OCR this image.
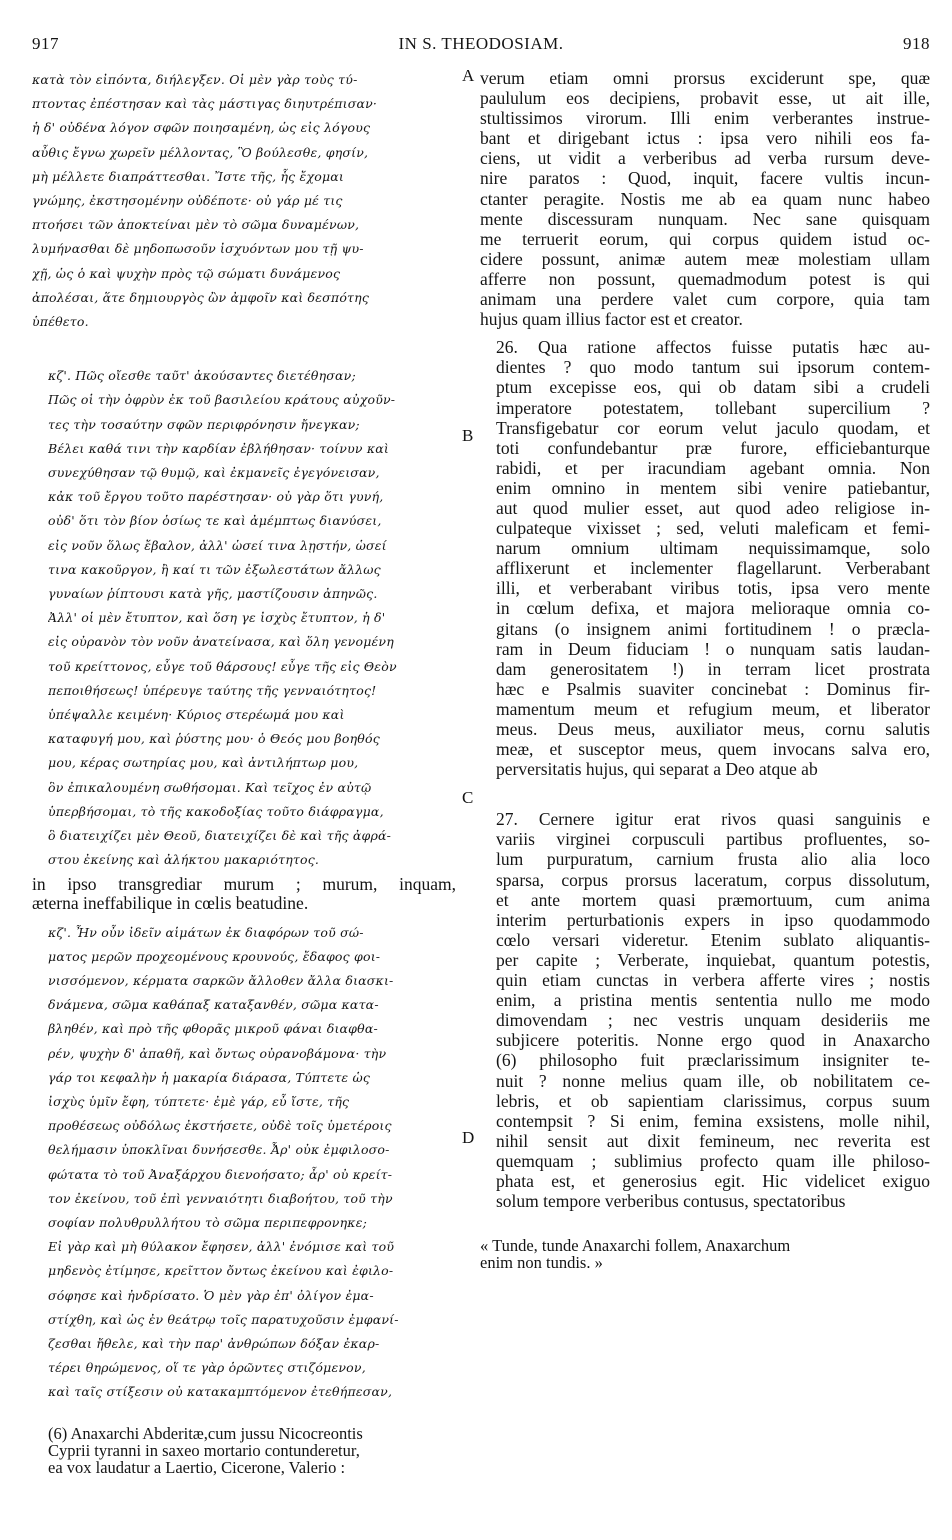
917	IN S. THEODOSIAM.	918
A
B
C
D
κατὰ τὸν εἰπόντα, διήλεγξεν. Οἱ μὲν γὰρ τοὺς τύ-
πτοντας ἐπέστησαν καὶ τὰς μάστιγας διηυτρέπισαν·
ἡ δ' οὐδένα λόγον σφῶν ποιησαμένη, ὡς εἰς λόγους
αὖθις ἔγνω χωρεῖν μέλλοντας, Ὃ βούλεσθε, φησίν,
μὴ μέλλετε διαπράττεσθαι. Ἴστε τῆς, ἧς ἔχομαι
γνώμης, ἐκστησομένην οὐδέποτε· οὐ γάρ μέ τις
πτοήσει τῶν ἀποκτείναι μὲν τὸ σῶμα δυναμένων,
λυμήνασθαι δὲ μηδοπωσοῦν ἰσχυόντων μου τῇ ψυ-
χῇ, ὡς ὁ καὶ ψυχὴν πρὸς τῷ σώματι δυνάμενος
ἀπολέσαι, ἅτε δημιουργὸς ὢν ἀμφοῖν καὶ δεσπότης
ὑπέθετο.
κζ'. Πῶς οἴεσθε ταῦτ' ἀκούσαντες διετέθησαν;
Πῶς οἱ τὴν ὀφρὺν ἐκ τοῦ βασιλείου κράτους αὐχοῦν-
τες τὴν τοσαύτην σφῶν περιφρόνησιν ἤνεγκαν;
Βέλει καθά τινι τὴν καρδίαν ἐβλήθησαν· τοίνυν καὶ
συνεχύθησαν τῷ θυμῷ, καὶ ἐκμανεῖς ἐγεγόνεισαν,
κἀκ τοῦ ἔργου τοῦτο παρέστησαν· οὐ γὰρ ὅτι γυνή,
οὐδ' ὅτι τὸν βίον ὁσίως τε καὶ ἀμέμπτως διανύσει,
εἰς νοῦν ὅλως ἔβαλον, ἀλλ' ὡσεί τινα λῃστήν, ὡσεί
τινα κακοῦργον, ἢ καί τι τῶν ἐξωλεστάτων ἄλλως
γυναίων ῥίπτουσι κατὰ γῆς, μαστίζουσιν ἀπηνῶς.
Ἀλλ' οἱ μὲν ἔτυπτον, καὶ ὅση γε ἰσχὺς ἔτυπτον, ἡ δ'
εἰς οὐρανὸν τὸν νοῦν ἀνατείνασα, καὶ ὅλη γενομένη
τοῦ κρείττονος, εὖγε τοῦ θάρσους! εὖγε τῆς εἰς Θεὸν
πεποιθήσεως! ὑπέρευγε ταύτης τῆς γενναιότητος!
ὑπέψαλλε κειμένη· Κύριος στερέωμά μου καὶ
καταφυγή μου, καὶ ῥύστης μου· ὁ Θεός μου βοηθός
μου, κέρας σωτηρίας μου, καὶ ἀντιλήπτωρ μου,
ὃν ἐπικαλουμένη σωθήσομαι. Καὶ τεῖχος ἐν αὐτῷ
ὑπερβήσομαι, τὸ τῆς κακοδοξίας τοῦτο διάφραγμα,
ὃ διατειχίζει μὲν Θεοῦ, διατειχίζει δὲ καὶ τῆς ἀφρά-
στου ἐκείνης καὶ ἀλήκτου μακαριότητος.
in ipso transgrediar murum ; murum, inquam,
æterna ineffabilique in cœlis beatudine.
κζ'. Ἦν οὖν ἰδεῖν αἱμάτων ἐκ διαφόρων τοῦ σώ-
ματος μερῶν προχεομένους κρουνούς, ἔδαφος φοι-
νισσόμενον, κέρματα σαρκῶν ἄλλοθεν ἄλλα διασκι-
δνάμενα, σῶμα καθάπαξ καταξανθέν, σῶμα κατα-
βληθέν, καὶ πρὸ τῆς φθορᾶς μικροῦ φάναι διαφθα-
ρέν, ψυχὴν δ' ἀπαθῆ, καὶ ὄντως οὐρανοβάμονα· τὴν
γάρ τοι κεφαλὴν ἡ μακαρία διάρασα, Τύπτετε ὡς
ἰσχὺς ὑμῖν ἔφη, τύπτετε· ἐμὲ γάρ, εὖ ἴστε, τῆς
προθέσεως οὐδόλως ἐκστήσετε, οὐδὲ τοῖς ὑμετέροις
θελήμασιν ὑποκλῖναι δυνήσεσθε. Ἆρ' οὐκ ἐμφιλοσο-
φώτατα τὸ τοῦ Ἀναξάρχου διενοήσατο; ἆρ' οὐ κρείτ-
τον ἐκείνου, τοῦ ἐπὶ γενναιότητι διαβοήτου, τοῦ τὴν
σοφίαν πολυθρυλλήτου τὸ σῶμα περιπεφρονηκε;
Εἰ γὰρ καὶ μὴ θύλακον ἔφησεν, ἀλλ' ἐνόμισε καὶ τοῦ
μηδενὸς ἐτίμησε, κρεῖττον ὄντως ἐκείνου καὶ ἐφιλο-
σόφησε καὶ ἠνδρίσατο. Ὁ μὲν γὰρ ἐπ' ὀλίγον ἐμα-
στίχθη, καὶ ὡς ἐν θεάτρῳ τοῖς παρατυχοῦσιν ἐμφανί-
ζεσθαι ἤθελε, καὶ τὴν παρ' ἀνθρώπων δόξαν ἐκαρ-
τέρει θηρώμενος, οἵ τε γὰρ ὁρῶντες στιζόμενον,
καὶ ταῖς στίξεσιν οὐ κατακαμπτόμενον ἐτεθήπεσαν,
(6) Anaxarchi Abderitæ,cum jussu Nicocreontis
Cyprii tyranni in saxeo mortario contunderetur,
ea vox laudatur a Laertio, Cicerone, Valerio :
verum etiam omni prorsus exciderunt spe, quæ
paululum eos decipiens, probavit esse, ut ait ille,
stultissimos virorum. Illi enim verberantes instrue-
bant et dirigebant ictus : ipsa vero nihili eos fa-
ciens, ut vidit a verberibus ad verba rursum deve-
nire paratos : Quod, inquit, facere vultis incun-
ctanter peragite. Nostis me ab ea quam nunc habeo
mente discessuram nunquam. Nec sane quisquam
me terruerit eorum, qui corpus quidem istud oc-
cidere possunt, animæ autem meæ molestiam ullam
afferre non possunt, quemadmodum potest is qui
animam una perdere valet cum corpore, quia tam
hujus quam illius factor est et creator.
26. Qua ratione affectos fuisse putatis hæc au-
dientes ? quo modo tantum sui ipsorum contem-
ptum excepisse eos, qui ob datam sibi a crudeli
imperatore potestatem, tollebant supercilium ?
Transfigebatur cor eorum velut jaculo quodam, et
toti confundebantur præ furore, efficiebanturque
rabidi, et per iracundiam agebant omnia. Non
enim omnino in mentem sibi venire patiebantur,
aut quod mulier esset, aut quod adeo religiose in-
culpateque vixisset ; sed, veluti maleficam et femi-
narum omnium ultimam nequissimamque, solo
afflixerunt et inclementer flagellarunt. Verberabant
illi, et verberabant viribus totis, ipsa vero mente
in cœlum defixa, et majora melioraque omnia co-
gitans (o insignem animi fortitudinem ! o præcla-
ram in Deum fiduciam ! o nunquam satis laudan-
dam generositatem !) in terram licet prostrata
hæc e Psalmis suaviter concinebat : Dominus fir-
mamentum meum et refugium meum, et liberator
meus. Deus meus, auxiliator meus, cornu salutis
meæ, et susceptor meus, quem invocans salva ero,
perversitatis hujus, qui separat a Deo atque ab
27. Cernere igitur erat rivos quasi sanguinis e
variis virginei corpusculi partibus profluentes, so-
lum purpuratum, carnium frusta alio alia loco
sparsa, corpus prorsus laceratum, corpus dissolutum,
et ante mortem quasi præmortuum, cum anima
interim perturbationis expers in ipso quodammodo
cœlo versari videretur. Etenim sublato aliquantis-
per capite ; Verberate, inquiebat, quantum potestis,
quin etiam cunctas in verbera afferte vires ; nostis
enim, a pristina mentis sententia nullo me modo
dimovendam ; nec vestris unquam desideriis me
subjicere poteritis. Nonne ergo quod in Anaxarcho
(6) philosopho fuit præclarissimum insigniter te-
nuit ? nonne melius quam ille, ob nobilitatem ce-
lebris, et ob sapientiam clarissimus, corpus suum
contempsit ? Si enim, femina exsistens, molle nihil,
nihil sensit aut dixit femineum, nec reverita est
quemquam ; sublimius profecto quam ille philoso-
phata est, et generosius egit. Hic videlicet exiguo
solum tempore verberibus contusus, spectatoribus
« Tunde, tunde Anaxarchi follem, Anaxarchum
enim non tundis. »
